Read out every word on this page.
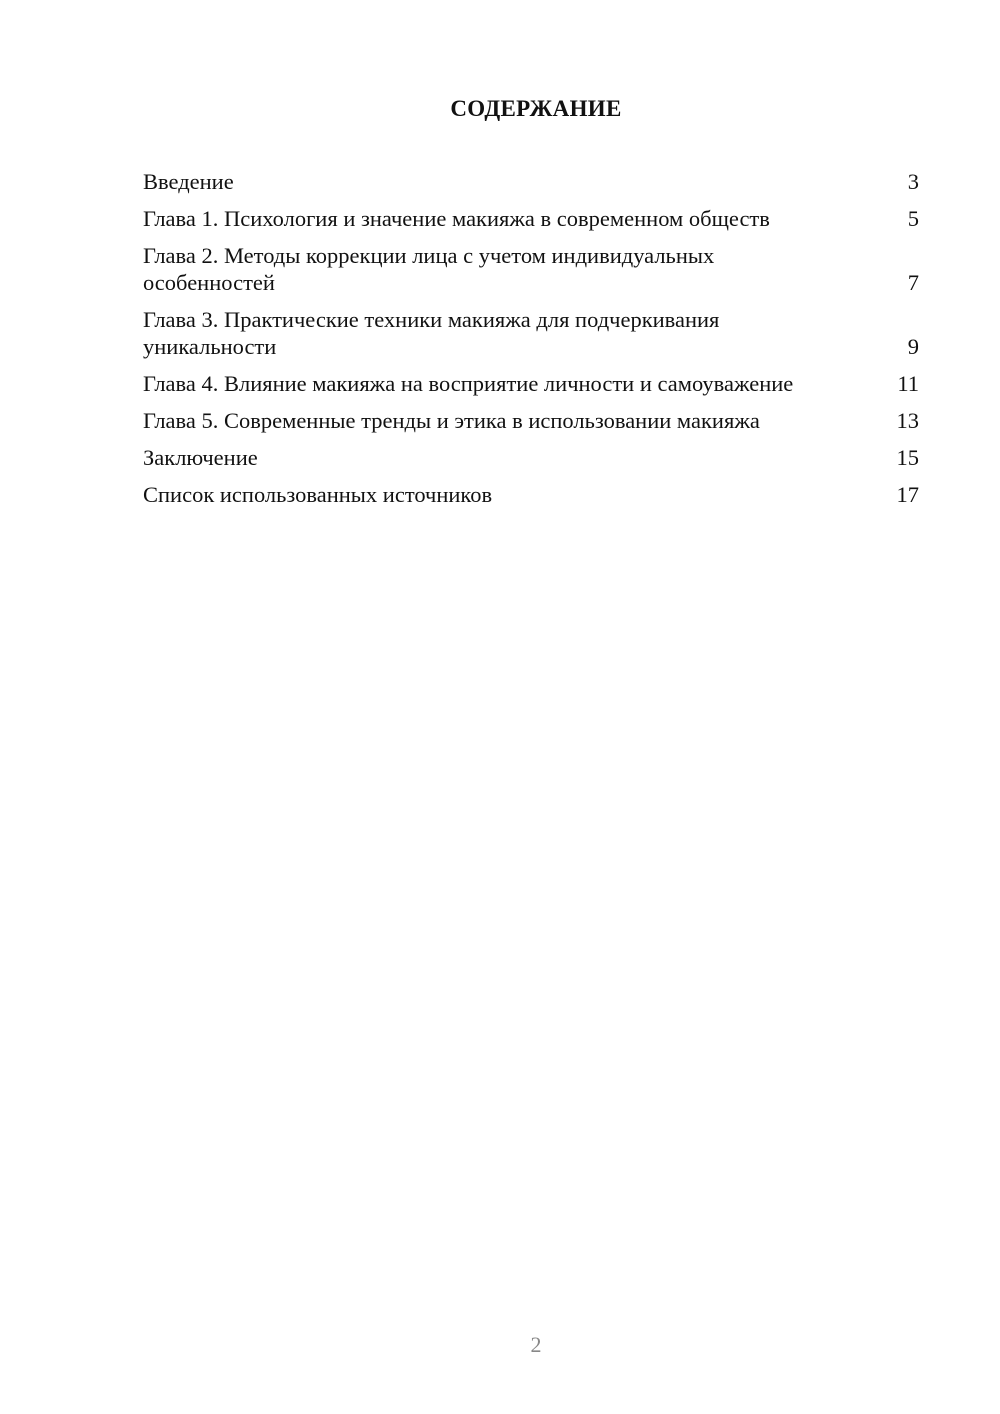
СОДЕРЖАНИЕ
Введение	3
Глава 1. Психология и значение макияжа в современном обществ	5
Глава 2. Методы коррекции лица с учетом индивидуальных особенностей	7
Глава 3. Практические техники макияжа для подчеркивания уникальности	9
Глава 4. Влияние макияжа на восприятие личности и самоуважение	11
Глава 5. Современные тренды и этика в использовании макияжа	13
Заключение	15
Список использованных источников	17
2
